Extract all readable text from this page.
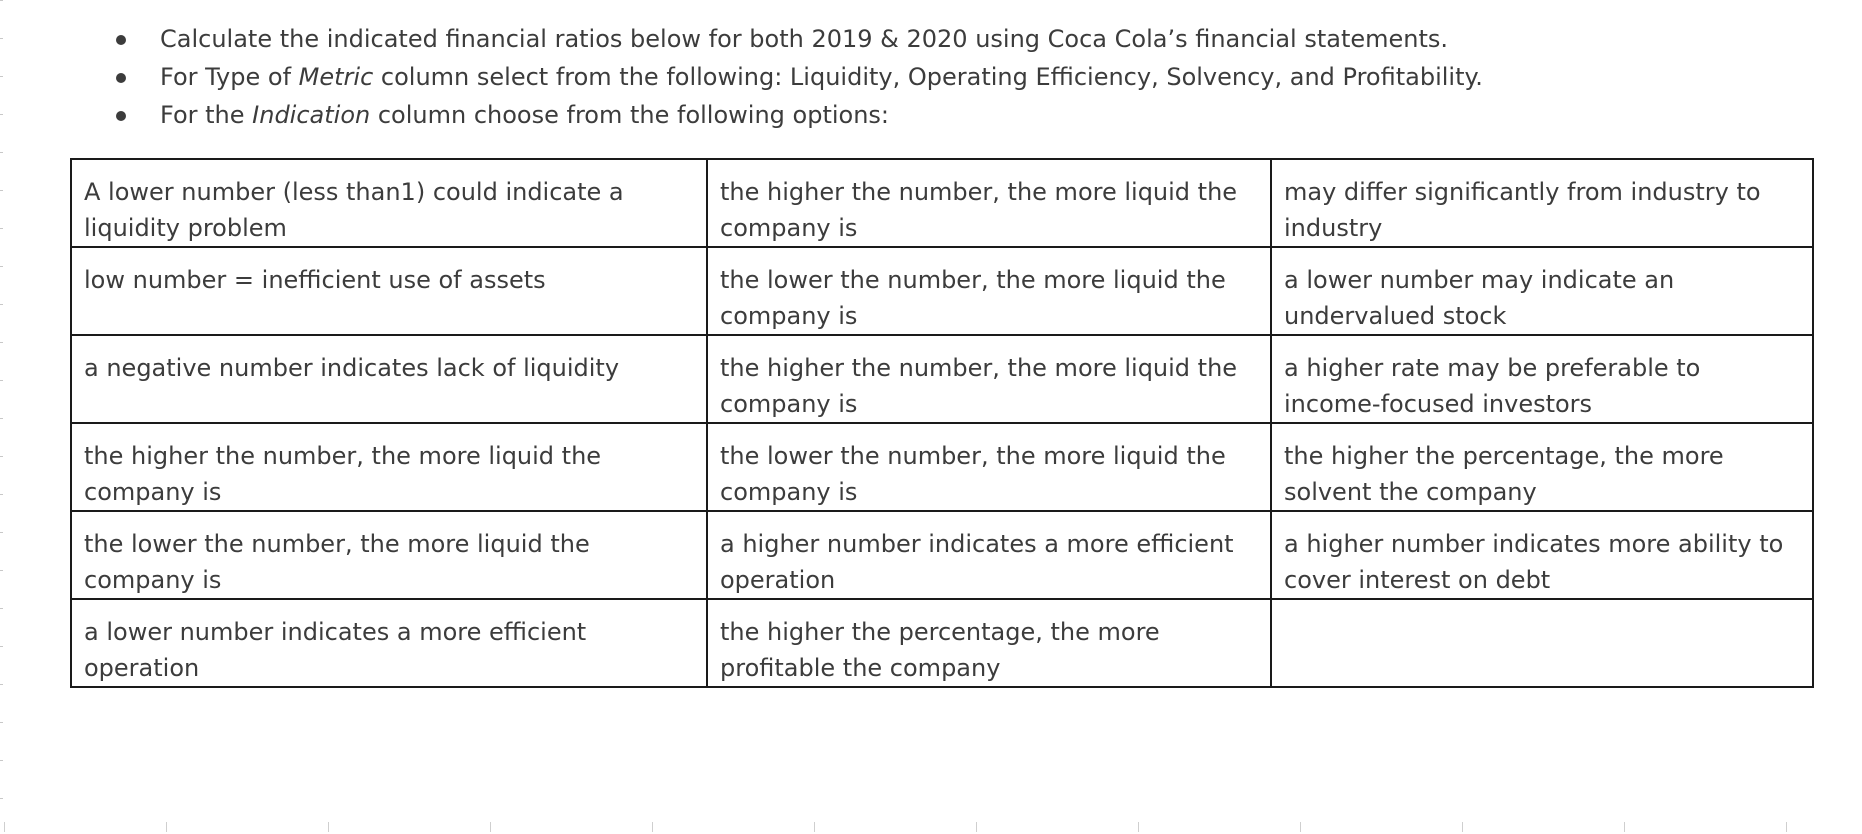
Calculate the indicated financial ratios below for both 2019 & 2020 using Coca Cola’s financial statements.
For Type of Metric column select from the following: Liquidity, Operating Efficiency, Solvency, and Profitability.
For the Indication column choose from the following options:
A lower number (less than1) could indicate a liquidity problem	the higher the number, the more liquid the company is	may differ significantly from industry to industry
low number = inefficient use of assets	the lower the number, the more liquid the company is	a lower number may indicate an undervalued stock
a negative number indicates lack of liquidity	the higher the number, the more liquid the company is	a higher rate may be preferable to income-focused investors
the higher the number, the more liquid the company is	the lower the number, the more liquid the company is	the higher the percentage, the more solvent the company
the lower the number, the more liquid the company is	a higher number indicates a more efficient operation	a higher number indicates more ability to cover interest on debt
a lower number indicates a more efficient operation	the higher the percentage, the more profitable the company	
